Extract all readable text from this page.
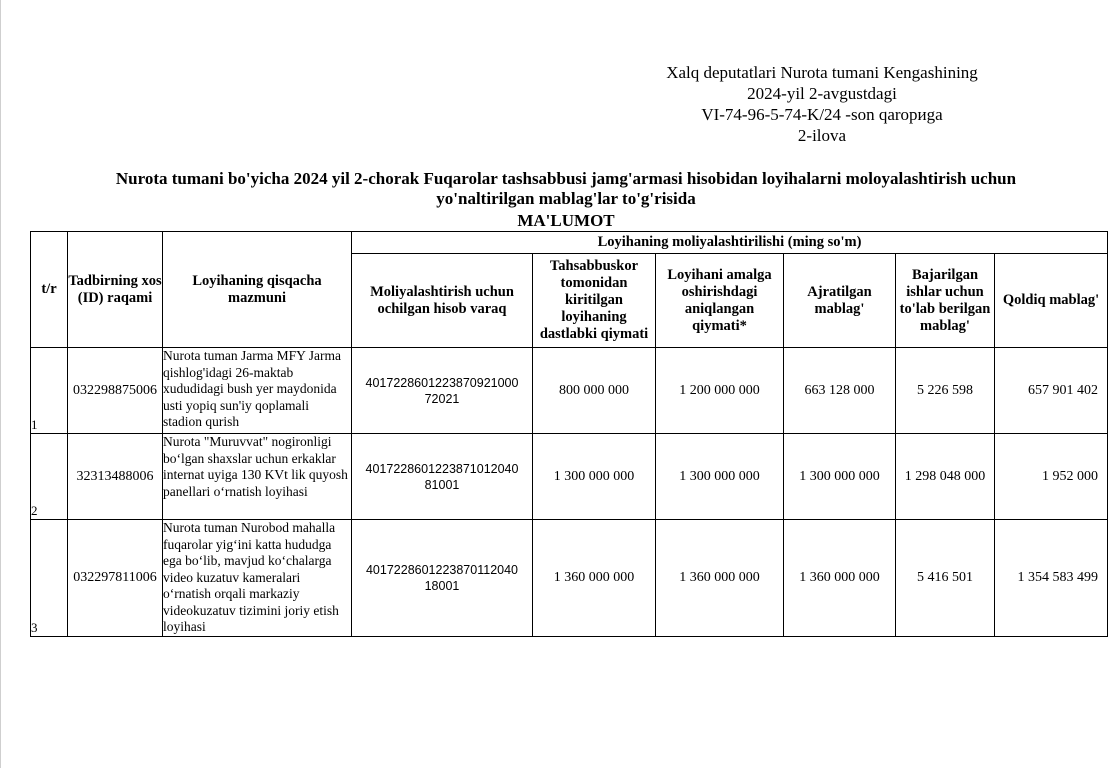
Xalq deputatlari Nurota tumani Kengashining
2024-yil 2-avgustdagi
VI-74-96-5-74-K/24 -son qarориga
2-ilova
Nurota tumani bo'yicha 2024 yil 2-chorak Fuqarolar tashsabbusi jamg'armasi hisobidan loyihalarni moloyalashtirish uchun
yo'naltirilgan mablag'lar to'g'risida
MA'LUMOT
t/r	Tadbirning xos (ID) raqami	Loyihaning qisqacha mazmuni	Loyihaning moliyalashtirilishi (ming so'm)					
			Moliyalashtirish uchun ochilgan hisob varaq	Tahsabbuskor tomonidan kiritilgan loyihaning dastlabki qiymati	Loyihani amalga oshirishdagi aniqlangan qiymati*	Ajratilgan mablag'	Bajarilgan ishlar uchun to'lab berilgan mablag'	Qoldiq mablag'
1	032298875006	Nurota tuman Jarma MFY Jarma qishlog'idagi 26-maktab xududidagi bush yer maydonida usti yopiq sun'iy qoplamali stadion qurish	4017228601223870921000 72021	800 000 000	1 200 000 000	663 128 000	5 226 598	657 901 402
2	32313488006	Nurota "Muruvvat" nogironligi bo‘lgan shaxslar uchun erkaklar internat uyiga 130 KVt lik quyosh panellari o‘rnatish loyihasi	4017228601223871012040 81001	1 300 000 000	1 300 000 000	1 300 000 000	1 298 048 000	1 952 000
3	032297811006	Nurota tuman Nurobod mahalla fuqarolar yig‘ini katta hududga ega bo‘lib, mavjud ko‘chalarga video kuzatuv kameralari o‘rnatish orqali markaziy videokuzatuv tizimini joriy etish loyihasi	4017228601223870112040 18001	1 360 000 000	1 360 000 000	1 360 000 000	5 416 501	1 354 583 499
